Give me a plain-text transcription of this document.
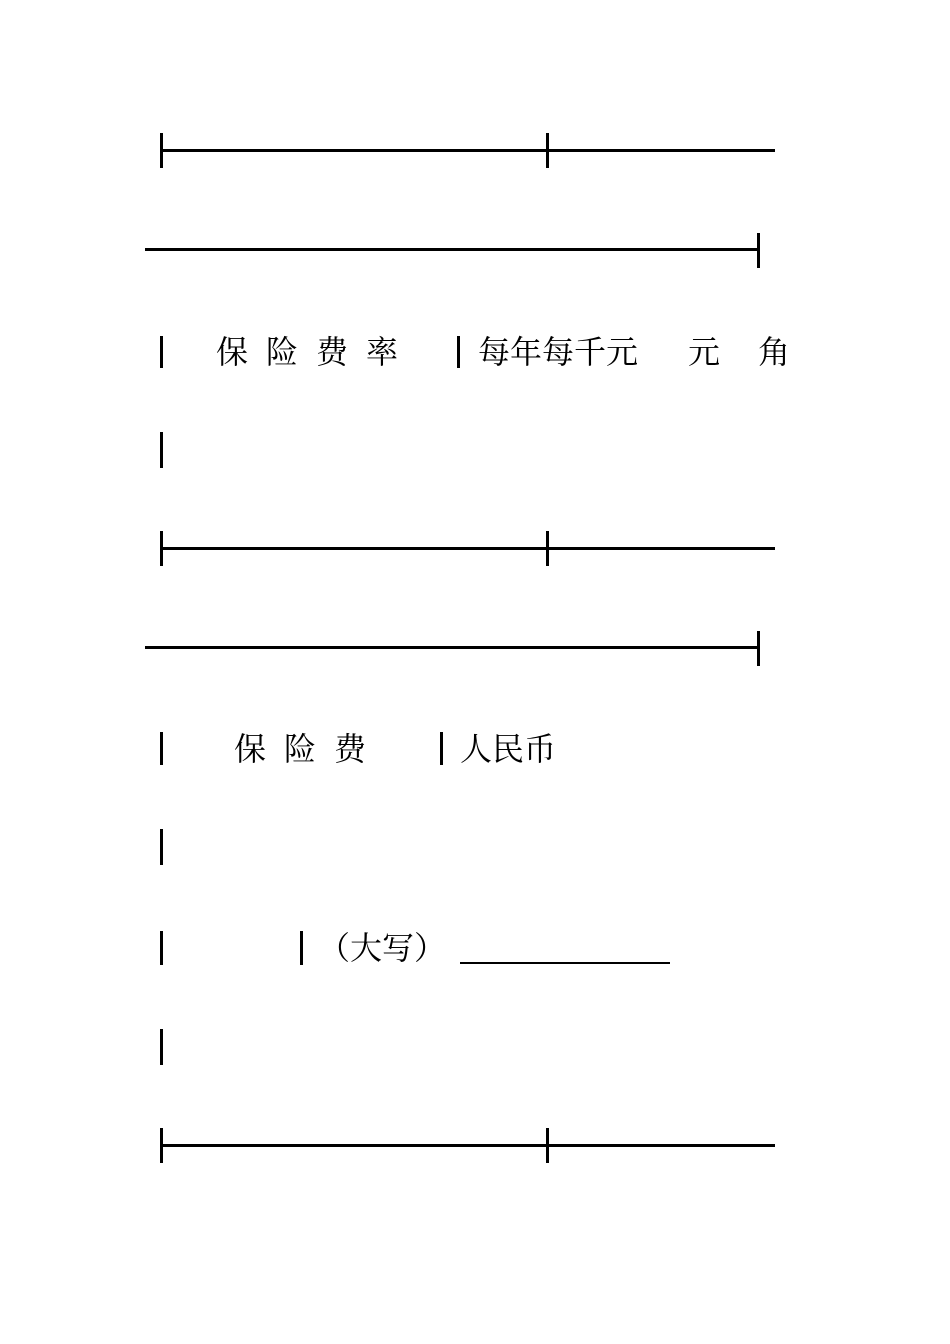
保险费率 每年每千元 元 角
保险费 人民币
（大写）
